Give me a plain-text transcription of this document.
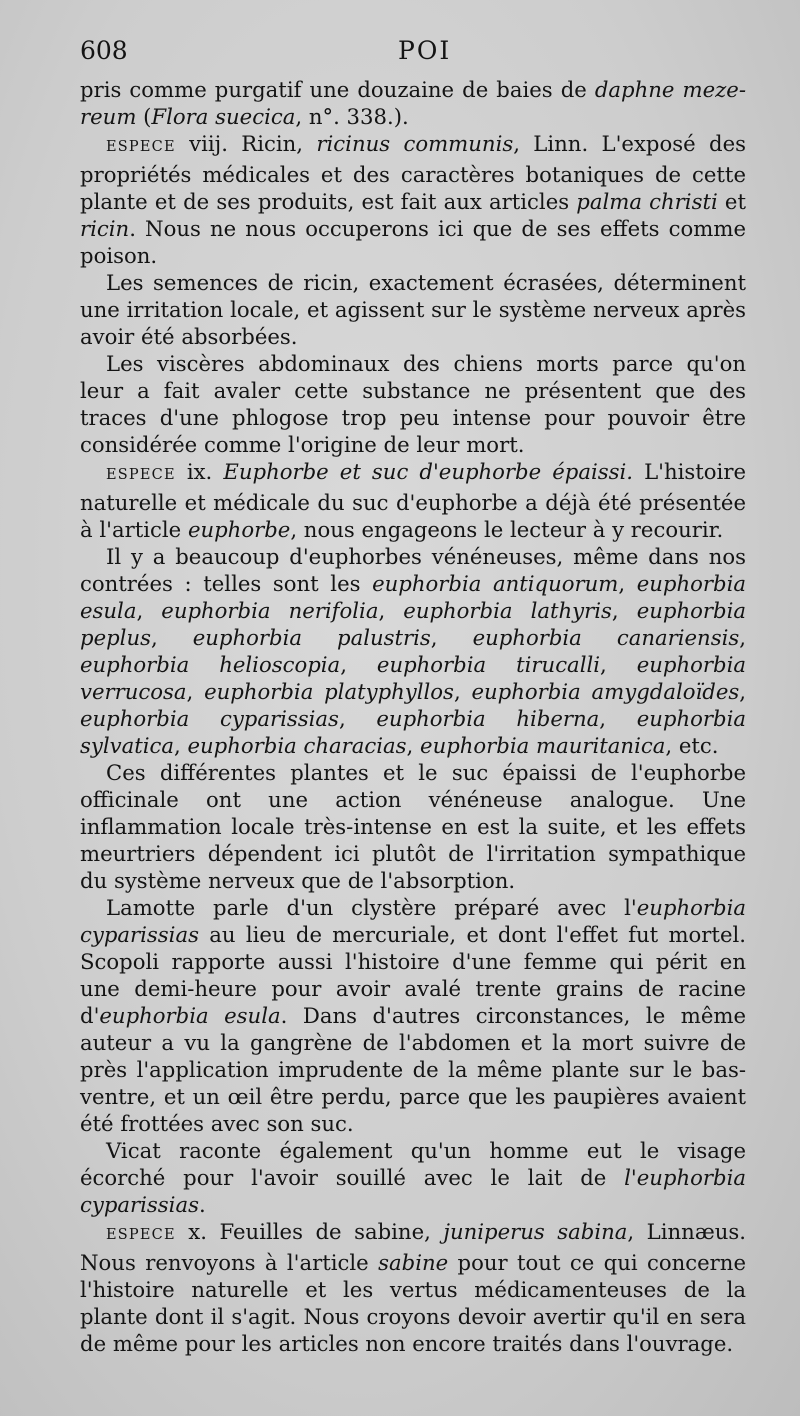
608	POI

pris comme purgatif une douzaine de baies de daphne meze-reum (Flora suecica, n°. 338.).

ESPECE viij. Ricin, ricinus communis, Linn. L'exposé des propriétés médicales et des caractères botaniques de cette plante et de ses produits, est fait aux articles palma christi et ricin. Nous ne nous occuperons ici que de ses effets comme poison.

Les semences de ricin, exactement écrasées, déterminent une irritation locale, et agissent sur le système nerveux après avoir été absorbées.

Les viscères abdominaux des chiens morts parce qu'on leur a fait avaler cette substance ne présentent que des traces d'une phlogose trop peu intense pour pouvoir être considérée comme l'origine de leur mort.

ESPECE ix. Euphorbe et suc d'euphorbe épaissi. L'histoire naturelle et médicale du suc d'euphorbe a déjà été présentée à l'article euphorbe, nous engageons le lecteur à y recourir.

Il y a beaucoup d'euphorbes vénéneuses, même dans nos contrées : telles sont les euphorbia antiquorum, euphorbia esula, euphorbia nerifolia, euphorbia lathyris, euphorbia peplus, euphorbia palustris, euphorbia canariensis, euphorbia helioscopia, euphorbia tirucalli, euphorbia verrucosa, euphorbia platyphyllos, euphorbia amygdaloïdes, euphorbia cyparissias, euphorbia hiberna, euphorbia sylvatica, euphorbia characias, euphorbia mauritanica, etc.

Ces différentes plantes et le suc épaissi de l'euphorbe officinale ont une action vénéneuse analogue. Une inflammation locale très-intense en est la suite, et les effets meurtriers dépendent ici plutôt de l'irritation sympathique du système nerveux que de l'absorption.

Lamotte parle d'un clystère préparé avec l'euphorbia cyparissias au lieu de mercuriale, et dont l'effet fut mortel. Scopoli rapporte aussi l'histoire d'une femme qui périt en une demi-heure pour avoir avalé trente grains de racine d'euphorbia esula. Dans d'autres circonstances, le même auteur a vu la gangrène de l'abdomen et la mort suivre de près l'application imprudente de la même plante sur le bas-ventre, et un œil être perdu, parce que les paupières avaient été frottées avec son suc.

Vicat raconte également qu'un homme eut le visage écorché pour l'avoir souillé avec le lait de l'euphorbia cyparissias.

ESPECE x. Feuilles de sabine, juniperus sabina, Linnæus. Nous renvoyons à l'article sabine pour tout ce qui concerne l'histoire naturelle et les vertus médicamenteuses de la plante dont il s'agit. Nous croyons devoir avertir qu'il en sera de même pour les articles non encore traités dans l'ouvrage.
